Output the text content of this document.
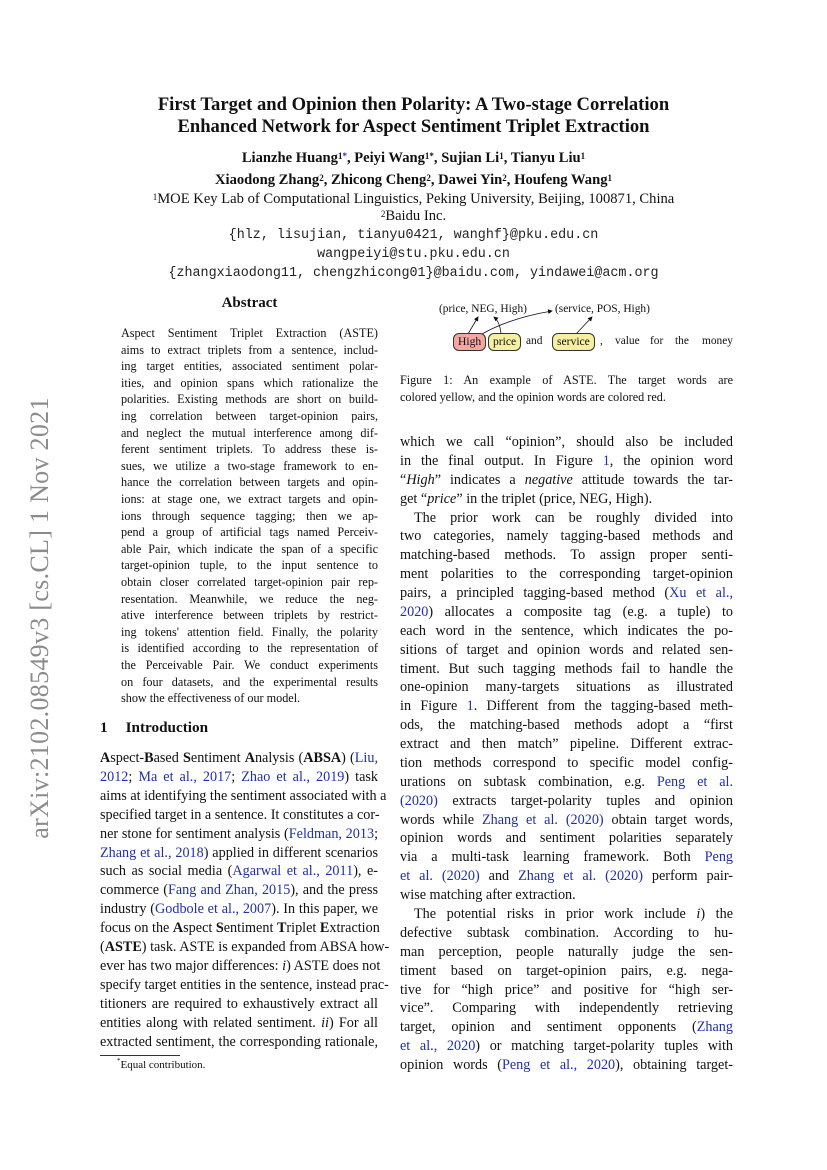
arXiv:2102.08549v3 [cs.CL] 1 Nov 2021
First Target and Opinion then Polarity: A Two-stage Correlation
Enhanced Network for Aspect Sentiment Triplet Extraction
Lianzhe Huang$^{1*}$, Peiyi Wang$^{1*}$, Sujian Li$^1$, Tianyu Liu$^1$
Xiaodong Zhang$^2$, Zhicong Cheng$^2$, Dawei Yin$^2$, Houfeng Wang$^1$
$^1$MOE Key Lab of Computational Linguistics, Peking University, Beijing, 100871, China
$^2$Baidu Inc.
{hlz, lisujian, tianyu0421, wanghf}@pku.edu.cn
wangpeiyi@stu.pku.edu.cn
{zhangxiaodong11, chengzhicong01}@baidu.com, yindawei@acm.org
Abstract
Aspect Sentiment Triplet Extraction (ASTE)
aims to extract triplets from a sentence, includ-
ing target entities, associated sentiment polar-
ities, and opinion spans which rationalize the
polarities. Existing methods are short on build-
ing correlation between target-opinion pairs,
and neglect the mutual interference among dif-
ferent sentiment triplets. To address these is-
sues, we utilize a two-stage framework to en-
hance the correlation between targets and opin-
ions: at stage one, we extract targets and opin-
ions through sequence tagging; then we ap-
pend a group of artificial tags named Perceiv-
able Pair, which indicate the span of a specific
target-opinion tuple, to the input sentence to
obtain closer correlated target-opinion pair rep-
resentation. Meanwhile, we reduce the neg-
ative interference between triplets by restrict-
ing tokens' attention field. Finally, the polarity
is identified according to the representation of
the Perceivable Pair. We conduct experiments
on four datasets, and the experimental results
show the effectiveness of our model.
1 Introduction
Aspect-Based Sentiment Analysis (ABSA) (Liu,
2012; Ma et al., 2017; Zhao et al., 2019) task
aims at identifying the sentiment associated with a
specified target in a sentence. It constitutes a cor-
ner stone for sentiment analysis (Feldman, 2013;
Zhang et al., 2018) applied in different scenarios
such as social media (Agarwal et al., 2011), e-
commerce (Fang and Zhan, 2015), and the press
industry (Godbole et al., 2007). In this paper, we
focus on the Aspect Sentiment Triplet Extraction
(ASTE) task. ASTE is expanded from ABSA how-
ever has two major differences: i) ASTE does not
specify target entities in the sentence, instead prac-
titioners are required to exhaustively extract all
entities along with related sentiment. ii) For all
extracted sentiment, the corresponding rationale,
*Equal contribution.
(price, NEG, High) (service, POS, High)
High	price and	service , value for the money
Figure 1: An example of ASTE. The target words are
colored yellow, and the opinion words are colored red.
which we call “opinion”, should also be included
in the final output. In Figure 1, the opinion word
“High” indicates a negative attitude towards the tar-
get “price” in the triplet (price, NEG, High).
The prior work can be roughly divided into
two categories, namely tagging-based methods and
matching-based methods. To assign proper senti-
ment polarities to the corresponding target-opinion
pairs, a principled tagging-based method (Xu et al.,
2020) allocates a composite tag (e.g. a tuple) to
each word in the sentence, which indicates the po-
sitions of target and opinion words and related sen-
timent. But such tagging methods fail to handle the
one-opinion many-targets situations as illustrated
in Figure 1. Different from the tagging-based meth-
ods, the matching-based methods adopt a “first
extract and then match” pipeline. Different extrac-
tion methods correspond to specific model config-
urations on subtask combination, e.g. Peng et al.
(2020) extracts target-polarity tuples and opinion
words while Zhang et al. (2020) obtain target words,
opinion words and sentiment polarities separately
via a multi-task learning framework. Both Peng
et al. (2020) and Zhang et al. (2020) perform pair-
wise matching after extraction.
The potential risks in prior work include i) the
defective subtask combination. According to hu-
man perception, people naturally judge the sen-
timent based on target-opinion pairs, e.g. nega-
tive for “high price” and positive for “high ser-
vice”. Comparing with independently retrieving
target, opinion and sentiment opponents (Zhang
et al., 2020) or matching target-polarity tuples with
opinion words (Peng et al., 2020), obtaining target-
